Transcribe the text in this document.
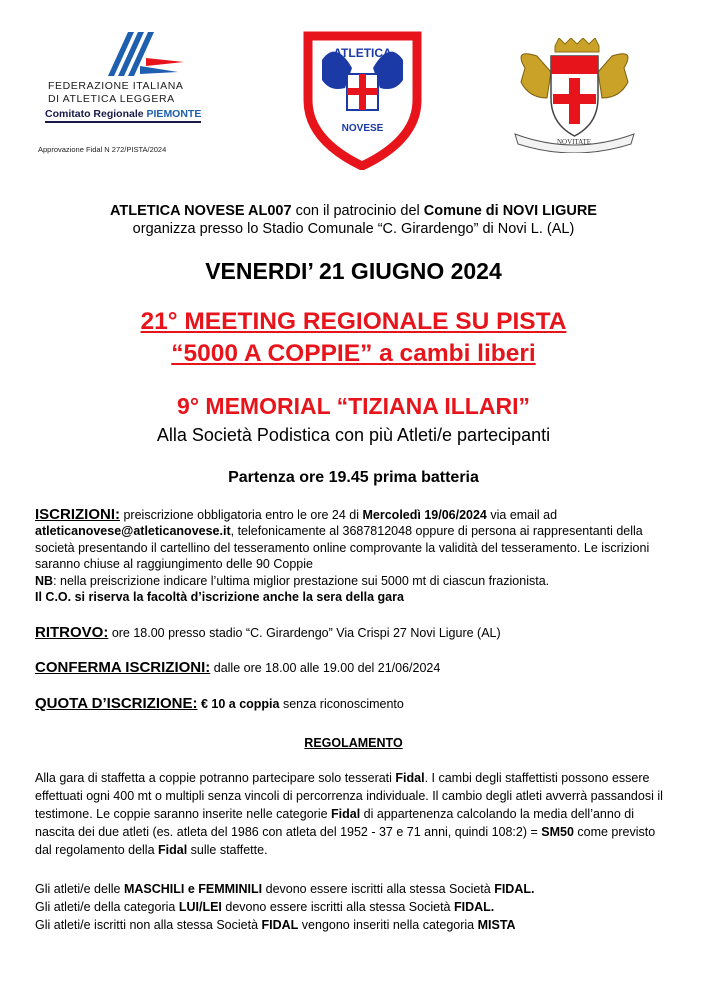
FEDERAZIONE ITALIANA
DI ATLETICA LEGGERA
Comitato Regionale PIEMONTE
Approvazione Fidal N 272/PISTA/2024
ATLETICA
NOVESE
NOVITATE
ATLETICA NOVESE AL007 con il patrocinio del Comune di NOVI LIGURE
organizza presso lo Stadio Comunale “C. Girardengo” di Novi L. (AL)
VENERDI’ 21 GIUGNO 2024
21° MEETING REGIONALE SU PISTA
“5000 A COPPIE” a cambi liberi
9° MEMORIAL “TIZIANA ILLARI”
Alla Società Podistica con più Atleti/e partecipanti
Partenza ore 19.45 prima batteria
ISCRIZIONI: preiscrizione obbligatoria entro le ore 24 di Mercoledì 19/06/2024 via email ad
atleticanovese@atleticanovese.it, telefonicamente al 3687812048 oppure di persona ai rappresentanti della società presentando il cartellino del tesseramento online comprovante la validità del tesseramento. Le iscrizioni saranno chiuse al raggiungimento delle 90 Coppie
NB: nella preiscrizione indicare l’ultima miglior prestazione sui 5000 mt di ciascun frazionista.
Il C.O. si riserva la facoltà d’iscrizione anche la sera della gara
RITROVO: ore 18.00 presso stadio “C. Girardengo” Via Crispi 27 Novi Ligure (AL)
CONFERMA ISCRIZIONI: dalle ore 18.00 alle 19.00 del 21/06/2024
QUOTA D’ISCRIZIONE: € 10 a coppia senza riconoscimento
REGOLAMENTO
Alla gara di staffetta a coppie potranno partecipare solo tesserati Fidal. I cambi degli staffettisti possono essere effettuati ogni 400 mt o multipli senza vincoli di percorrenza individuale. Il cambio degli atleti avverrà passandosi il testimone. Le coppie saranno inserite nelle categorie Fidal di appartenenza calcolando la media dell’anno di nascita dei due atleti (es. atleta del 1986 con atleta del 1952 - 37 e 71 anni, quindi 108:2) = SM50 come previsto dal regolamento della Fidal sulle staffette.
Gli atleti/e delle MASCHILI e FEMMINILI devono essere iscritti alla stessa Società FIDAL.
Gli atleti/e della categoria LUI/LEI devono essere iscritti alla stessa Società FIDAL.
Gli atleti/e iscritti non alla stessa Società FIDAL vengono inseriti nella categoria MISTA
